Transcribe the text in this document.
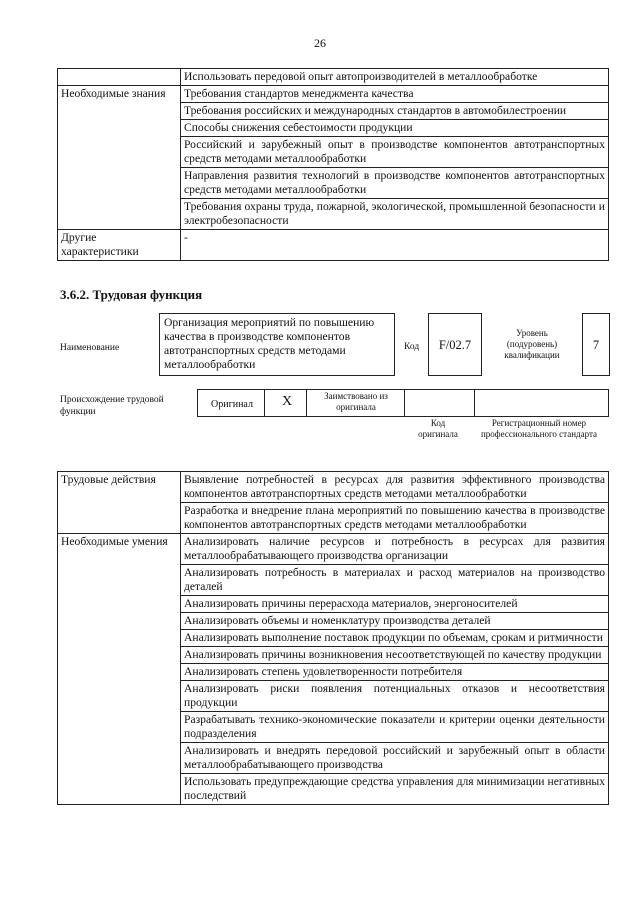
26
	Использовать передовой опыт автопроизводителей в металлообработке
Необходимые знания	Требования стандартов менеджмента качества
	Требования российских и международных стандартов в автомобилестроении
	Способы снижения себестоимости продукции
	Российский и зарубежный опыт в производстве компонентов автотранспортных средств методами металлообработки
	Направления развития технологий в производстве компонентов автотранспортных средств методами металлообработки
	Требования охраны труда, пожарной, экологической, промышленной безопасности и электробезопасности
Другие характеристики	-
3.6.2. Трудовая функция
Наименование
Организация мероприятий по повышению качества в производстве компонентов автотранспортных средств методами металлообработки
Код	F/02.7
Уровень (подуровень) квалификации
7
Происхождение трудовой функции
Оригинал	X	Заимствовано из оригинала
Код оригинала
Регистрационный номер профессионального стандарта
Трудовые действия	Выявление потребностей в ресурсах для развития эффективного производства компонентов автотранспортных средств методами металлообработки
	Разработка и внедрение плана мероприятий по повышению качества в производстве компонентов автотранспортных средств методами металлообработки
Необходимые умения	Анализировать наличие ресурсов и потребность в ресурсах для развития металлообрабатывающего производства организации
	Анализировать потребность в материалах и расход материалов на производство деталей
	Анализировать причины перерасхода материалов, энергоносителей
	Анализировать объемы и номенклатуру производства деталей
	Анализировать выполнение поставок продукции по объемам, срокам и ритмичности
	Анализировать причины возникновения несоответствующей по качеству продукции
	Анализировать степень удовлетворенности потребителя
	Анализировать риски появления потенциальных отказов и несоответствия продукции
	Разрабатывать технико-экономические показатели и критерии оценки деятельности подразделения
	Анализировать и внедрять передовой российский и зарубежный опыт в области металлообрабатывающего производства
	Использовать предупреждающие средства управления для минимизации негативных последствий
